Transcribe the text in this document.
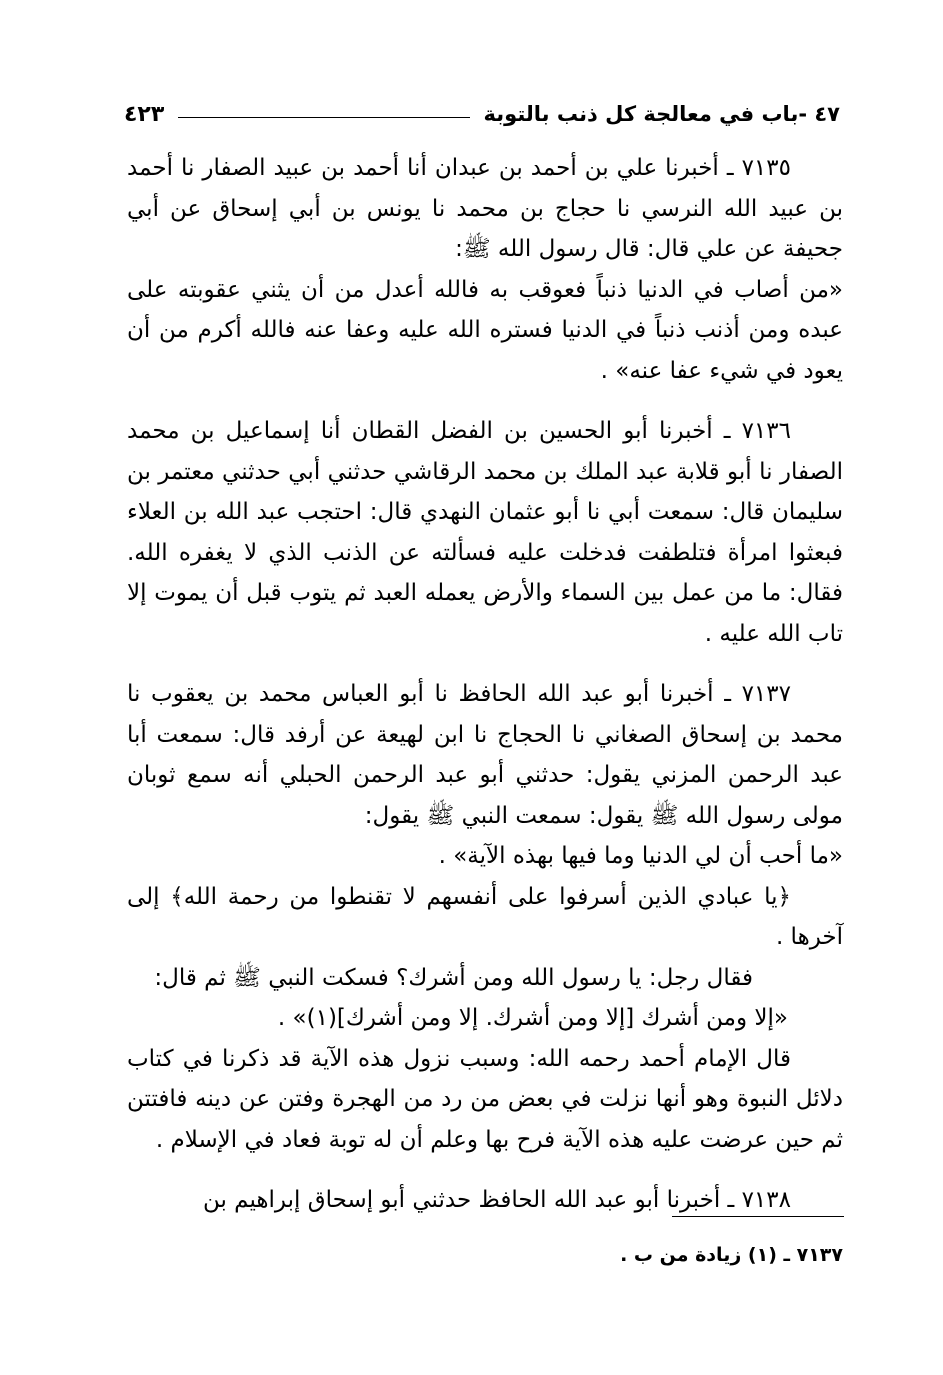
٤٧ -باب في معالجة كل ذنب بالتوبة
٤٢٣

٧١٣٥ ـ أخبرنا علي بن أحمد بن عبدان أنا أحمد بن عبيد الصفار نا أحمد بن عبيد الله النرسي نا حجاج بن محمد نا يونس بن أبي إسحاق عن أبي جحيفة عن علي قال: قال رسول الله ﷺ:

«من أصاب في الدنيا ذنباً فعوقب به فالله أعدل من أن يثني عقوبته على عبده ومن أذنب ذنباً في الدنيا فستره الله عليه وعفا عنه فالله أكرم من أن يعود في شيء عفا عنه» .

٧١٣٦ ـ أخبرنا أبو الحسين بن الفضل القطان أنا إسماعيل بن محمد الصفار نا أبو قلابة عبد الملك بن محمد الرقاشي حدثني أبي حدثني معتمر بن سليمان قال: سمعت أبي نا أبو عثمان النهدي قال: احتجب عبد الله بن العلاء فبعثوا امرأة فتلطفت فدخلت عليه فسألته عن الذنب الذي لا يغفره الله. فقال: ما من عمل بين السماء والأرض يعمله العبد ثم يتوب قبل أن يموت إلا تاب الله عليه .

٧١٣٧ ـ أخبرنا أبو عبد الله الحافظ نا أبو العباس محمد بن يعقوب نا محمد بن إسحاق الصغاني نا الحجاج نا ابن لهيعة عن أرفد قال: سمعت أبا عبد الرحمن المزني يقول: حدثني أبو عبد الرحمن الحبلي أنه سمع ثوبان مولى رسول الله ﷺ يقول: سمعت النبي ﷺ يقول:

«ما أحب أن لي الدنيا وما فيها بهذه الآية» .

﴿يا عبادي الذين أسرفوا على أنفسهم لا تقنطوا من رحمة الله﴾ إلى آخرها .

فقال رجل: يا رسول الله ومن أشرك؟ فسكت النبي ﷺ ثم قال:

«إلا ومن أشرك [إلا ومن أشرك. إلا ومن أشرك](١)» .

قال الإمام أحمد رحمه الله: وسبب نزول هذه الآية قد ذكرنا في كتاب دلائل النبوة وهو أنها نزلت في بعض من رد من الهجرة وفتن عن دينه فافتتن ثم حين عرضت عليه هذه الآية فرح بها وعلم أن له توبة فعاد في الإسلام .

٧١٣٨ ـ أخبرنا أبو عبد الله الحافظ حدثني أبو إسحاق إبراهيم بن

٧١٣٧ ـ (١) زيادة من ب .
